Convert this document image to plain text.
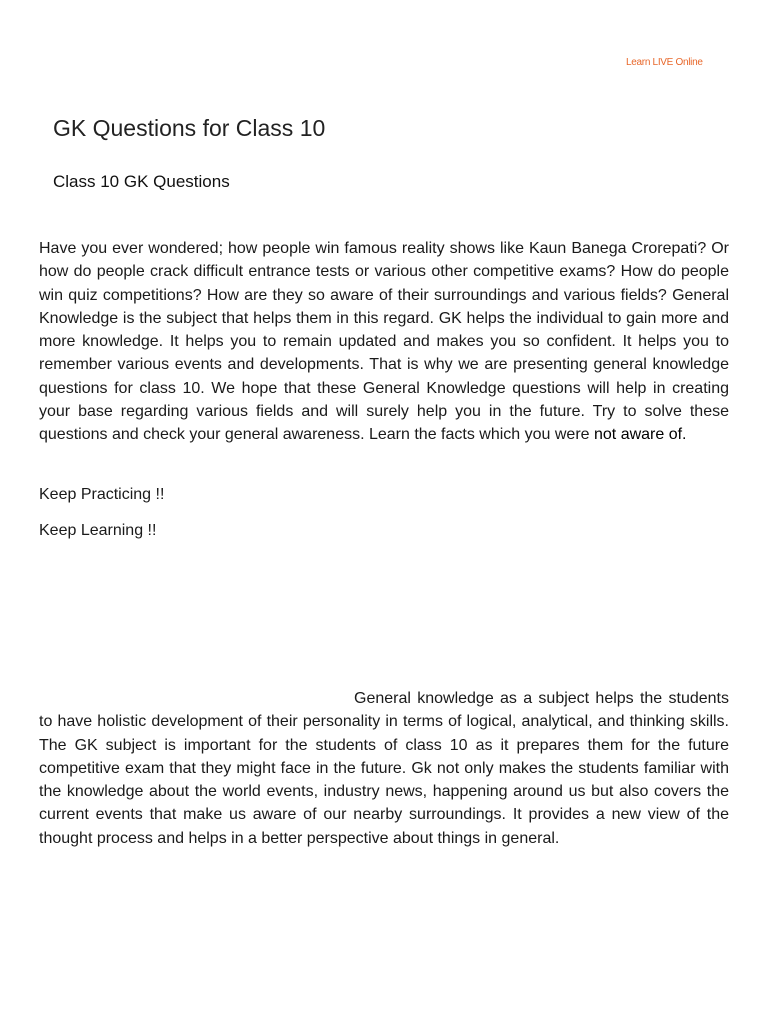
Learn LIVE Online
GK Questions for Class 10
Class 10 GK Questions

Have you ever wondered; how people win famous reality shows like Kaun Banega Crorepati? Or how do people crack difficult entrance tests or various other competitive exams? How do people win quiz competitions? How are they so aware of their surroundings and various fields? General Knowledge is the subject that helps them in this regard. GK helps the individual to gain more and more knowledge. It helps you to remain updated and makes you so confident. It helps you to remember various events and developments. That is why we are presenting general knowledge questions for class 10. We hope that these General Knowledge questions will help in creating your base regarding various fields and will surely help you in the future. Try to solve these questions and check your general awareness. Learn the facts which you were not aware of.

Keep Practicing !!

Keep Learning !!

General knowledge as a subject helps the students to have holistic development of their personality in terms of logical, analytical, and thinking skills. The GK subject is important for the students of class 10 as it prepares them for the future competitive exam that they might face in the future. Gk not only makes the students familiar with the knowledge about the world events, industry news, happening around us but also covers the current events that make us aware of our nearby surroundings. It provides a new view of the thought process and helps in a better perspective about things in general.
